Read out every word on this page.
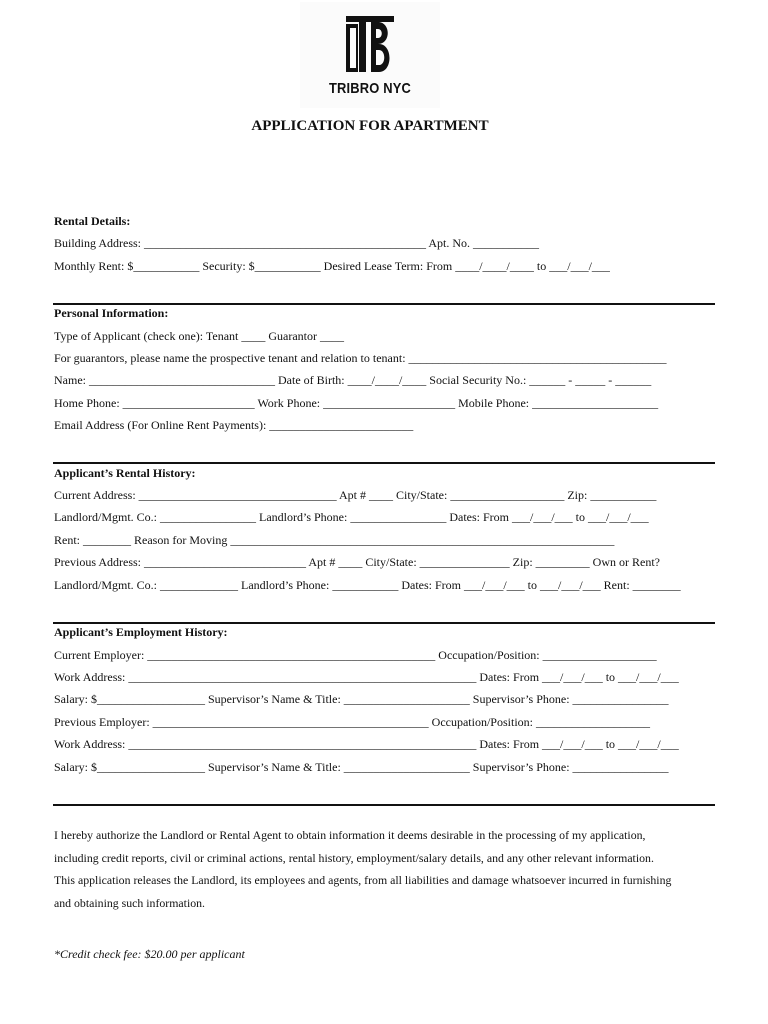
TRIBRO NYC
APPLICATION FOR APARTMENT
Rental Details:
Building Address: _______________________________________________ Apt. No. ___________
Monthly Rent: $___________ Security: $___________ Desired Lease Term: From ____/____/____ to ___/___/___
Personal Information:
Type of Applicant (check one): Tenant ____ Guarantor ____
For guarantors, please name the prospective tenant and relation to tenant: ___________________________________________
Name: _______________________________ Date of Birth: ____/____/____ Social Security No.: ______ - _____ - ______
Home Phone: ______________________ Work Phone: ______________________ Mobile Phone: _____________________
Email Address (For Online Rent Payments): ________________________
Applicant’s Rental History:
Current Address: _________________________________ Apt # ____ City/State: ___________________ Zip: ___________
Landlord/Mgmt. Co.: ________________ Landlord’s Phone: ________________ Dates: From ___/___/___ to ___/___/___
Rent: ________ Reason for Moving ________________________________________________________________
Previous Address: ___________________________ Apt # ____ City/State: _______________ Zip: _________ Own or Rent?
Landlord/Mgmt. Co.: _____________ Landlord’s Phone: ___________ Dates: From ___/___/___ to ___/___/___ Rent: ________
Applicant’s Employment History:
Current Employer: ________________________________________________ Occupation/Position: ___________________
Work Address: __________________________________________________________ Dates: From ___/___/___ to ___/___/___
Salary: $__________________ Supervisor’s Name & Title: _____________________ Supervisor’s Phone: ________________
Previous Employer: ______________________________________________ Occupation/Position: ___________________
Work Address: __________________________________________________________ Dates: From ___/___/___ to ___/___/___
Salary: $__________________ Supervisor’s Name & Title: _____________________ Supervisor’s Phone: ________________
I hereby authorize the Landlord or Rental Agent to obtain information it deems desirable in the processing of my application,
including credit reports, civil or criminal actions, rental history, employment/salary details, and any other relevant information.
This application releases the Landlord, its employees and agents, from all liabilities and damage whatsoever incurred in furnishing
and obtaining such information.
*Credit check fee: $20.00 per applicant
